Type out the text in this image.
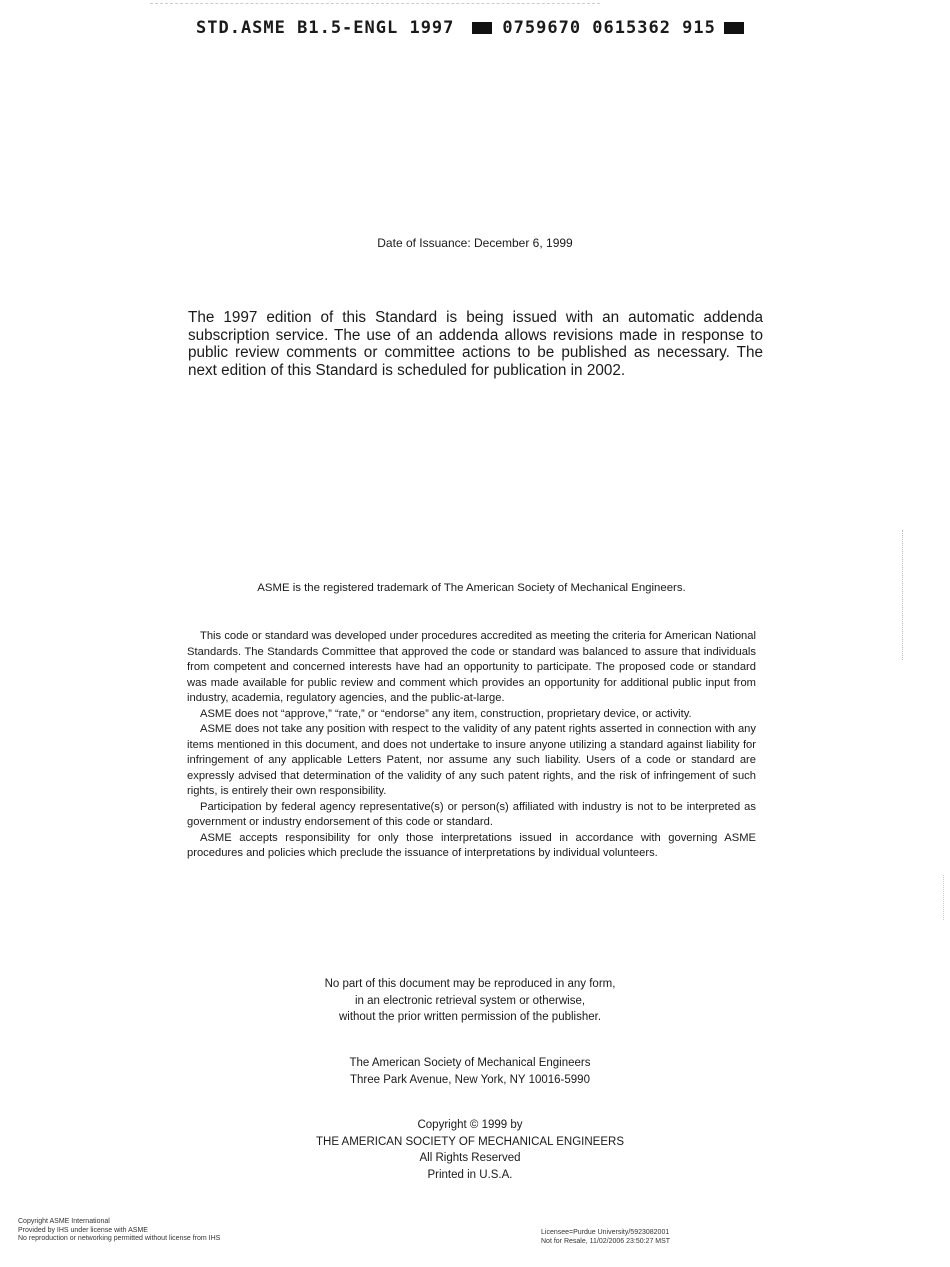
STD.ASME B1.5-ENGL 1997	0759670 0615362 915
Date of Issuance: December 6, 1999
The 1997 edition of this Standard is being issued with an automatic addenda subscription service. The use of an addenda allows revisions made in response to public review comments or committee actions to be published as necessary. The next edition of this Standard is scheduled for publication in 2002.
ASME is the registered trademark of The American Society of Mechanical Engineers.

This code or standard was developed under procedures accredited as meeting the criteria for American National Standards. The Standards Committee that approved the code or standard was balanced to assure that individuals from competent and concerned interests have had an opportunity to participate. The proposed code or standard was made available for public review and comment which provides an opportunity for additional public input from industry, academia, regulatory agencies, and the public-at-large.

ASME does not “approve,” “rate,” or “endorse” any item, construction, proprietary device, or activity.

ASME does not take any position with respect to the validity of any patent rights asserted in connection with any items mentioned in this document, and does not undertake to insure anyone utilizing a standard against liability for infringement of any applicable Letters Patent, nor assume any such liability. Users of a code or standard are expressly advised that determination of the validity of any such patent rights, and the risk of infringement of such rights, is entirely their own responsibility.

Participation by federal agency representative(s) or person(s) affiliated with industry is not to be interpreted as government or industry endorsement of this code or standard.

ASME accepts responsibility for only those interpretations issued in accordance with governing ASME procedures and policies which preclude the issuance of interpretations by individual volunteers.

No part of this document may be reproduced in any form,
in an electronic retrieval system or otherwise,
without the prior written permission of the publisher.
The American Society of Mechanical Engineers
Three Park Avenue, New York, NY 10016-5990
Copyright © 1999 by
THE AMERICAN SOCIETY OF MECHANICAL ENGINEERS
All Rights Reserved
Printed in U.S.A.
Copyright ASME International
Provided by IHS under license with ASME
No reproduction or networking permitted without license from IHS
Licensee=Purdue University/5923082001
Not for Resale, 11/02/2006 23:50:27 MST
